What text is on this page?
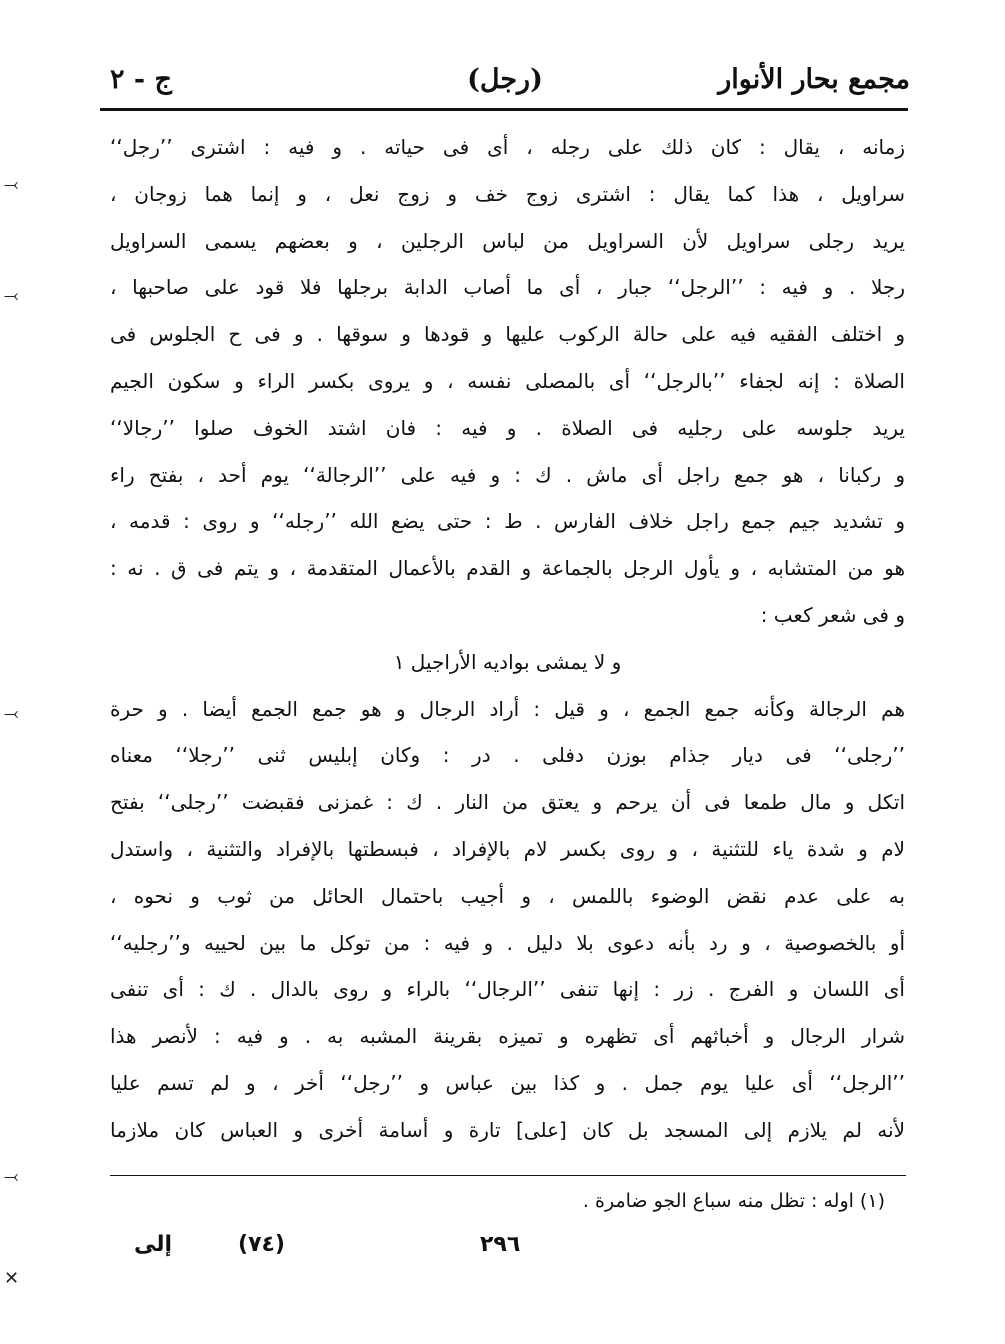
مجمع بحار الأنوار
(رجل)
ج - ٢
زمانه ، يقال : كان ذلك على رجله ، أى فى حياته . و فيه : اشترى ’’رجل‘‘
سراويل ، هذا كما يقال : اشترى زوج خف و زوج نعل ، و إنما هما زوجان ،
يريد رجلى سراويل لأن السراويل من لباس الرجلين ، و بعضهم يسمى السراويل
رجلا . و فيه : ’’الرجل‘‘ جبار ، أى ما أصاب الدابة برجلها فلا قود على صاحبها ،
و اختلف الفقيه فيه على حالة الركوب عليها و قودها و سوقها . و فى ح الجلوس فى
الصلاة : إنه لجفاء ’’بالرجل‘‘ أى بالمصلى نفسه ، و يروى بكسر الراء و سكون الجيم
يريد جلوسه على رجليه فى الصلاة . و فيه : فان اشتد الخوف صلوا ’’رجالا‘‘
و ركبانا ، هو جمع راجل أى ماش . ك : و فيه على ’’الرجالة‘‘ يوم أحد ، بفتح راء
و تشديد جيم جمع راجل خلاف الفارس . ط : حتى يضع الله ’’رجله‘‘ و روى : قدمه ،
هو من المتشابه ، و يأول الرجل بالجماعة و القدم بالأعمال المتقدمة ، و يتم فى ق . نه :
و فى شعر كعب :
و لا يمشى بواديه الأراجيل ١
هم الرجالة وكأنه جمع الجمع ، و قيل : أراد الرجال و هو جمع الجمع أيضا . و حرة
’’رجلى‘‘ فى ديار جذام بوزن دفلى . در : وكان إبليس ثنى ’’رجلا‘‘ معناه
اتكل و مال طمعا فى أن يرحم و يعتق من النار . ك : غمزنى فقبضت ’’رجلى‘‘ بفتح
لام و شدة ياء للتثنية ، و روى بكسر لام بالإفراد ، فبسطتها بالإفراد والتثنية ، واستدل
به على عدم نقض الوضوء باللمس ، و أجيب باحتمال الحائل من ثوب و نحوه ،
أو بالخصوصية ، و رد بأنه دعوى بلا دليل . و فيه : من توكل ما بين لحييه و’’رجليه‘‘
أى اللسان و الفرج . زر : إنها تنفى ’’الرجال‘‘ بالراء و روى بالدال . ك : أى تنفى
شرار الرجال و أخباثهم أى تظهره و تميزه بقرينة المشبه به . و فيه : لأنصر هذا
’’الرجل‘‘ أى عليا يوم جمل . و كذا بين عباس و ’’رجل‘‘ أخر ، و لم تسم عليا
لأنه لم يلازم إلى المسجد بل كان [على] تارة و أسامة أخرى و العباس كان ملازما
(١) اوله : تظل منه سباع الجو ضامرة .
٢٩٦
(٧٤)
إلى
⤙
⤙
⤙
⤙
✕
